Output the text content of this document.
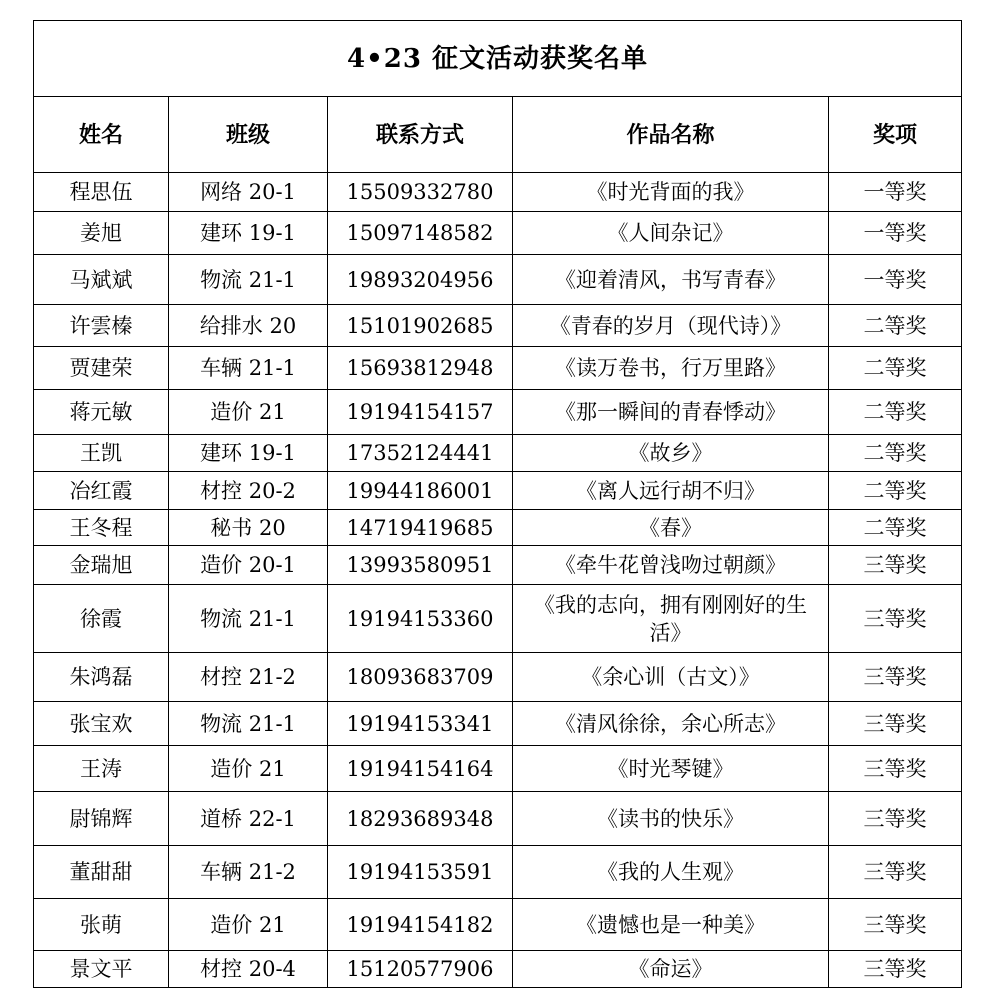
4•23 征文活动获奖名单				
姓名	班级	联系方式	作品名称	奖项
程思伍	网络 20-1	15509332780	《时光背面的我》	一等奖
姜旭	建环 19-1	15097148582	《人间杂记》	一等奖
马斌斌	物流 21-1	19893204956	《迎着清风，书写青春》	一等奖
许雲榛	给排水 20	15101902685	《青春的岁月（现代诗）》	二等奖
贾建荣	车辆 21-1	15693812948	《读万卷书，行万里路》	二等奖
蒋元敏	造价 21	19194154157	《那一瞬间的青春悸动》	二等奖
王凯	建环 19-1	17352124441	《故乡》	二等奖
冶红霞	材控 20-2	19944186001	《离人远行胡不归》	二等奖
王冬程	秘书 20	14719419685	《春》	二等奖
金瑞旭	造价 20-1	13993580951	《牵牛花曾浅吻过朝颜》	三等奖
徐霞	物流 21-1	19194153360	《我的志向，拥有刚刚好的生活》	三等奖
朱鸿磊	材控 21-2	18093683709	《余心训（古文）》	三等奖
张宝欢	物流 21-1	19194153341	《清风徐徐，余心所志》	三等奖
王涛	造价 21	19194154164	《时光琴键》	三等奖
尉锦辉	道桥 22-1	18293689348	《读书的快乐》	三等奖
董甜甜	车辆 21-2	19194153591	《我的人生观》	三等奖
张萌	造价 21	19194154182	《遗憾也是一种美》	三等奖
景文平	材控 20-4	15120577906	《命运》	三等奖
